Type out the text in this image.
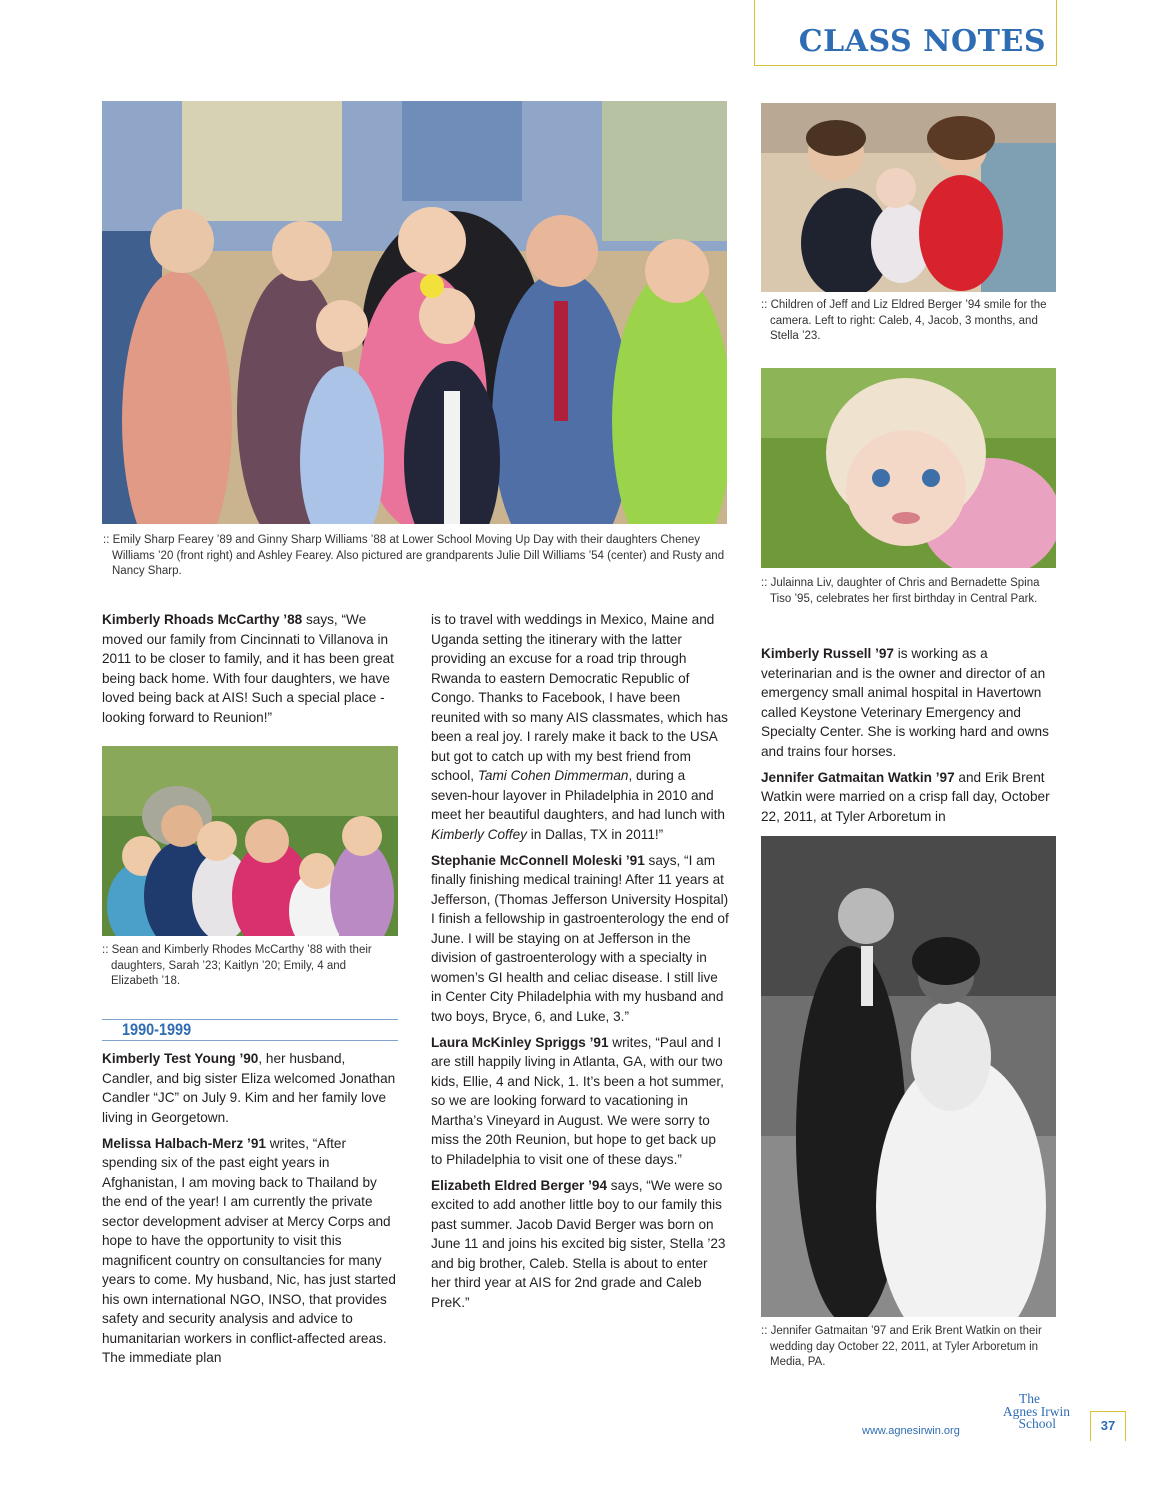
CLASS NOTES

:: Emily Sharp Fearey ’89 and Ginny Sharp Williams ’88 at Lower School Moving Up Day with their daughters Cheney Williams ’20 (front right) and Ashley Fearey. Also pictured are grandparents Julie Dill Williams ’54 (center) and Rusty and Nancy Sharp.

:: Children of Jeff and Liz Eldred Berger ’94 smile for the camera. Left to right: Caleb, 4, Jacob, 3 months, and Stella ’23.

:: Julainna Liv, daughter of Chris and Bernadette Spina Tiso ’95, celebrates her first birthday in Central Park.

Kimberly Rhoads McCarthy ’88 says, “We moved our family from Cincinnati to Villanova in 2011 to be closer to family, and it has been great being back home. With four daughters, we have loved being back at AIS! Such a special place - looking forward to Reunion!”

:: Sean and Kimberly Rhodes McCarthy ’88 with their daughters, Sarah ’23; Kaitlyn ’20; Emily, 4 and Elizabeth ’18.

1990-1999

Kimberly Test Young ’90, her husband, Candler, and big sister Eliza welcomed Jonathan Candler “JC” on July 9. Kim and her family love living in Georgetown.

Melissa Halbach-Merz ’91 writes, “After spending six of the past eight years in Afghanistan, I am moving back to Thailand by the end of the year! I am currently the private sector development adviser at Mercy Corps and hope to have the opportunity to visit this magnificent country on consultancies for many years to come. My husband, Nic, has just started his own international NGO, INSO, that provides safety and security analysis and advice to humanitarian workers in conflict-affected areas. The immediate plan

is to travel with weddings in Mexico, Maine and Uganda setting the itinerary with the latter providing an excuse for a road trip through Rwanda to eastern Democratic Republic of Congo. Thanks to Facebook, I have been reunited with so many AIS classmates, which has been a real joy. I rarely make it back to the USA but got to catch up with my best friend from school, Tami Cohen Dimmerman, during a seven-hour layover in Philadelphia in 2010 and meet her beautiful daughters, and had lunch with Kimberly Coffey in Dallas, TX in 2011!”

Stephanie McConnell Moleski ’91 says, “I am finally finishing medical training! After 11 years at Jefferson, (Thomas Jefferson University Hospital) I finish a fellowship in gastroenterology the end of June. I will be staying on at Jefferson in the division of gastroenterology with a specialty in women’s GI health and celiac disease. I still live in Center City Philadelphia with my husband and two boys, Bryce, 6, and Luke, 3.”

Laura McKinley Spriggs ’91 writes, “Paul and I are still happily living in Atlanta, GA, with our two kids, Ellie, 4 and Nick, 1. It’s been a hot summer, so we are looking forward to vacationing in Martha’s Vineyard in August. We were sorry to miss the 20th Reunion, but hope to get back up to Philadelphia to visit one of these days.”

Elizabeth Eldred Berger ’94 says, “We were so excited to add another little boy to our family this past summer. Jacob David Berger was born on June 11 and joins his excited big sister, Stella ’23 and big brother, Caleb. Stella is about to enter her third year at AIS for 2nd grade and Caleb PreK.”

Kimberly Russell ’97 is working as a veterinarian and is the owner and director of an emergency small animal hospital in Havertown called Keystone Veterinary Emergency and Specialty Center. She is working hard and owns and trains four horses.

Jennifer Gatmaitan Watkin ’97 and Erik Brent Watkin were married on a crisp fall day, October 22, 2011, at Tyler Arboretum in

:: Jennifer Gatmaitan ’97 and Erik Brent Watkin on their wedding day October 22, 2011, at Tyler Arboretum in Media, PA.

www.agnesirwin.org
The
Agnes Irwin
School	37
